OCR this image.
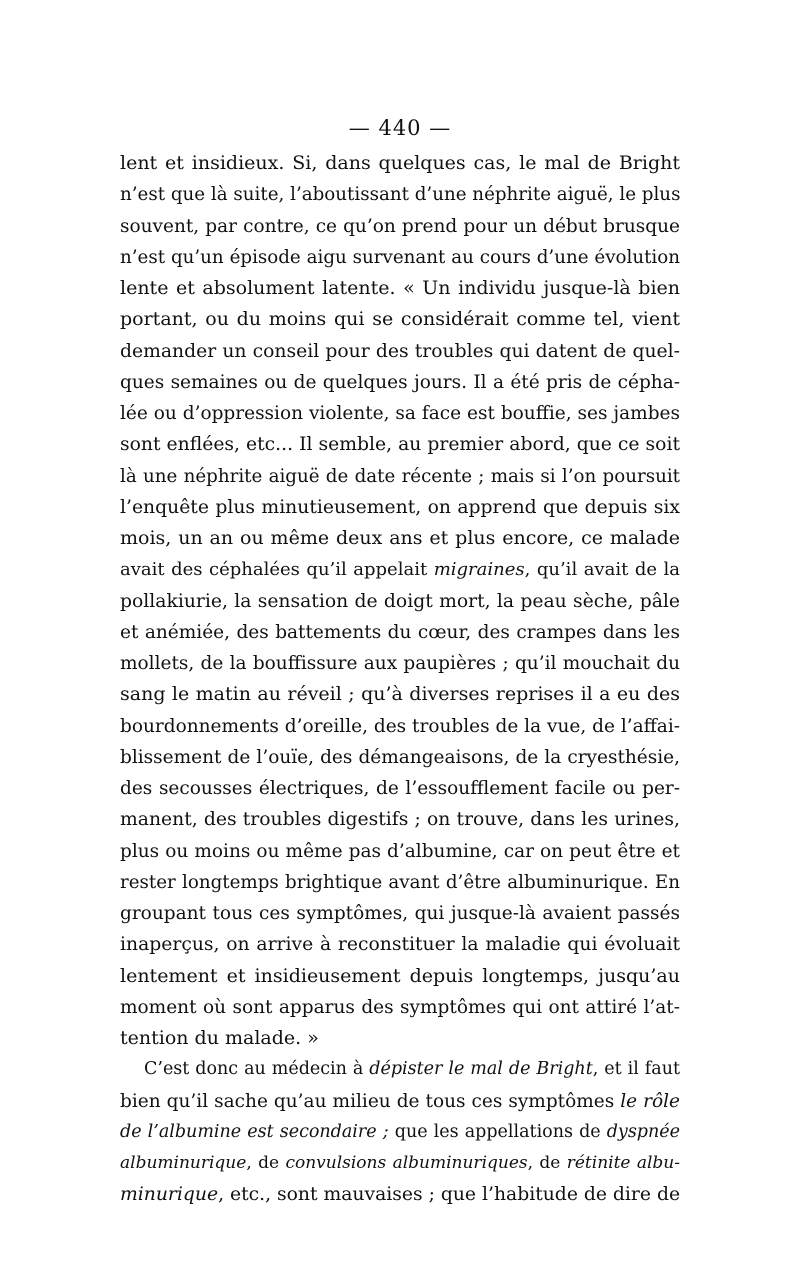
— 440 —
lent et insidieux. Si, dans quelques cas, le mal de Bright
n’est que là suite, l’aboutissant d’une néphrite aiguë, le plus
souvent, par contre, ce qu’on prend pour un début brusque
n’est qu’un épisode aigu survenant au cours d’une évolution
lente et absolument latente. « Un individu jusque-là bien
portant, ou du moins qui se considérait comme tel, vient
demander un conseil pour des troubles qui datent de quel-
ques semaines ou de quelques jours. Il a été pris de cépha-
lée ou d’oppression violente, sa face est bouffie, ses jambes
sont enflées, etc... Il semble, au premier abord, que ce soit
là une néphrite aiguë de date récente ; mais si l’on poursuit
l’enquête plus minutieusement, on apprend que depuis six
mois, un an ou même deux ans et plus encore, ce malade
avait des céphalées qu’il appelait migraines, qu’il avait de la
pollakiurie, la sensation de doigt mort, la peau sèche, pâle
et anémiée, des battements du cœur, des crampes dans les
mollets, de la bouffissure aux paupières ; qu’il mouchait du
sang le matin au réveil ; qu’à diverses reprises il a eu des
bourdonnements d’oreille, des troubles de la vue, de l’affai-
blissement de l’ouïe, des démangeaisons, de la cryesthésie,
des secousses électriques, de l’essoufflement facile ou per-
manent, des troubles digestifs ; on trouve, dans les urines,
plus ou moins ou même pas d’albumine, car on peut être et
rester longtemps brightique avant d’être albuminurique. En
groupant tous ces symptômes, qui jusque-là avaient passés
inaperçus, on arrive à reconstituer la maladie qui évoluait
lentement et insidieusement depuis longtemps, jusqu’au
moment où sont apparus des symptômes qui ont attiré l’at-
tention du malade. »
C’est donc au médecin à dépister le mal de Bright, et il faut
bien qu’il sache qu’au milieu de tous ces symptômes le rôle
de l’albumine est secondaire ; que les appellations de dyspnée
albuminurique, de convulsions albuminuriques, de rétinite albu-
minurique, etc., sont mauvaises ; que l’habitude de dire de
